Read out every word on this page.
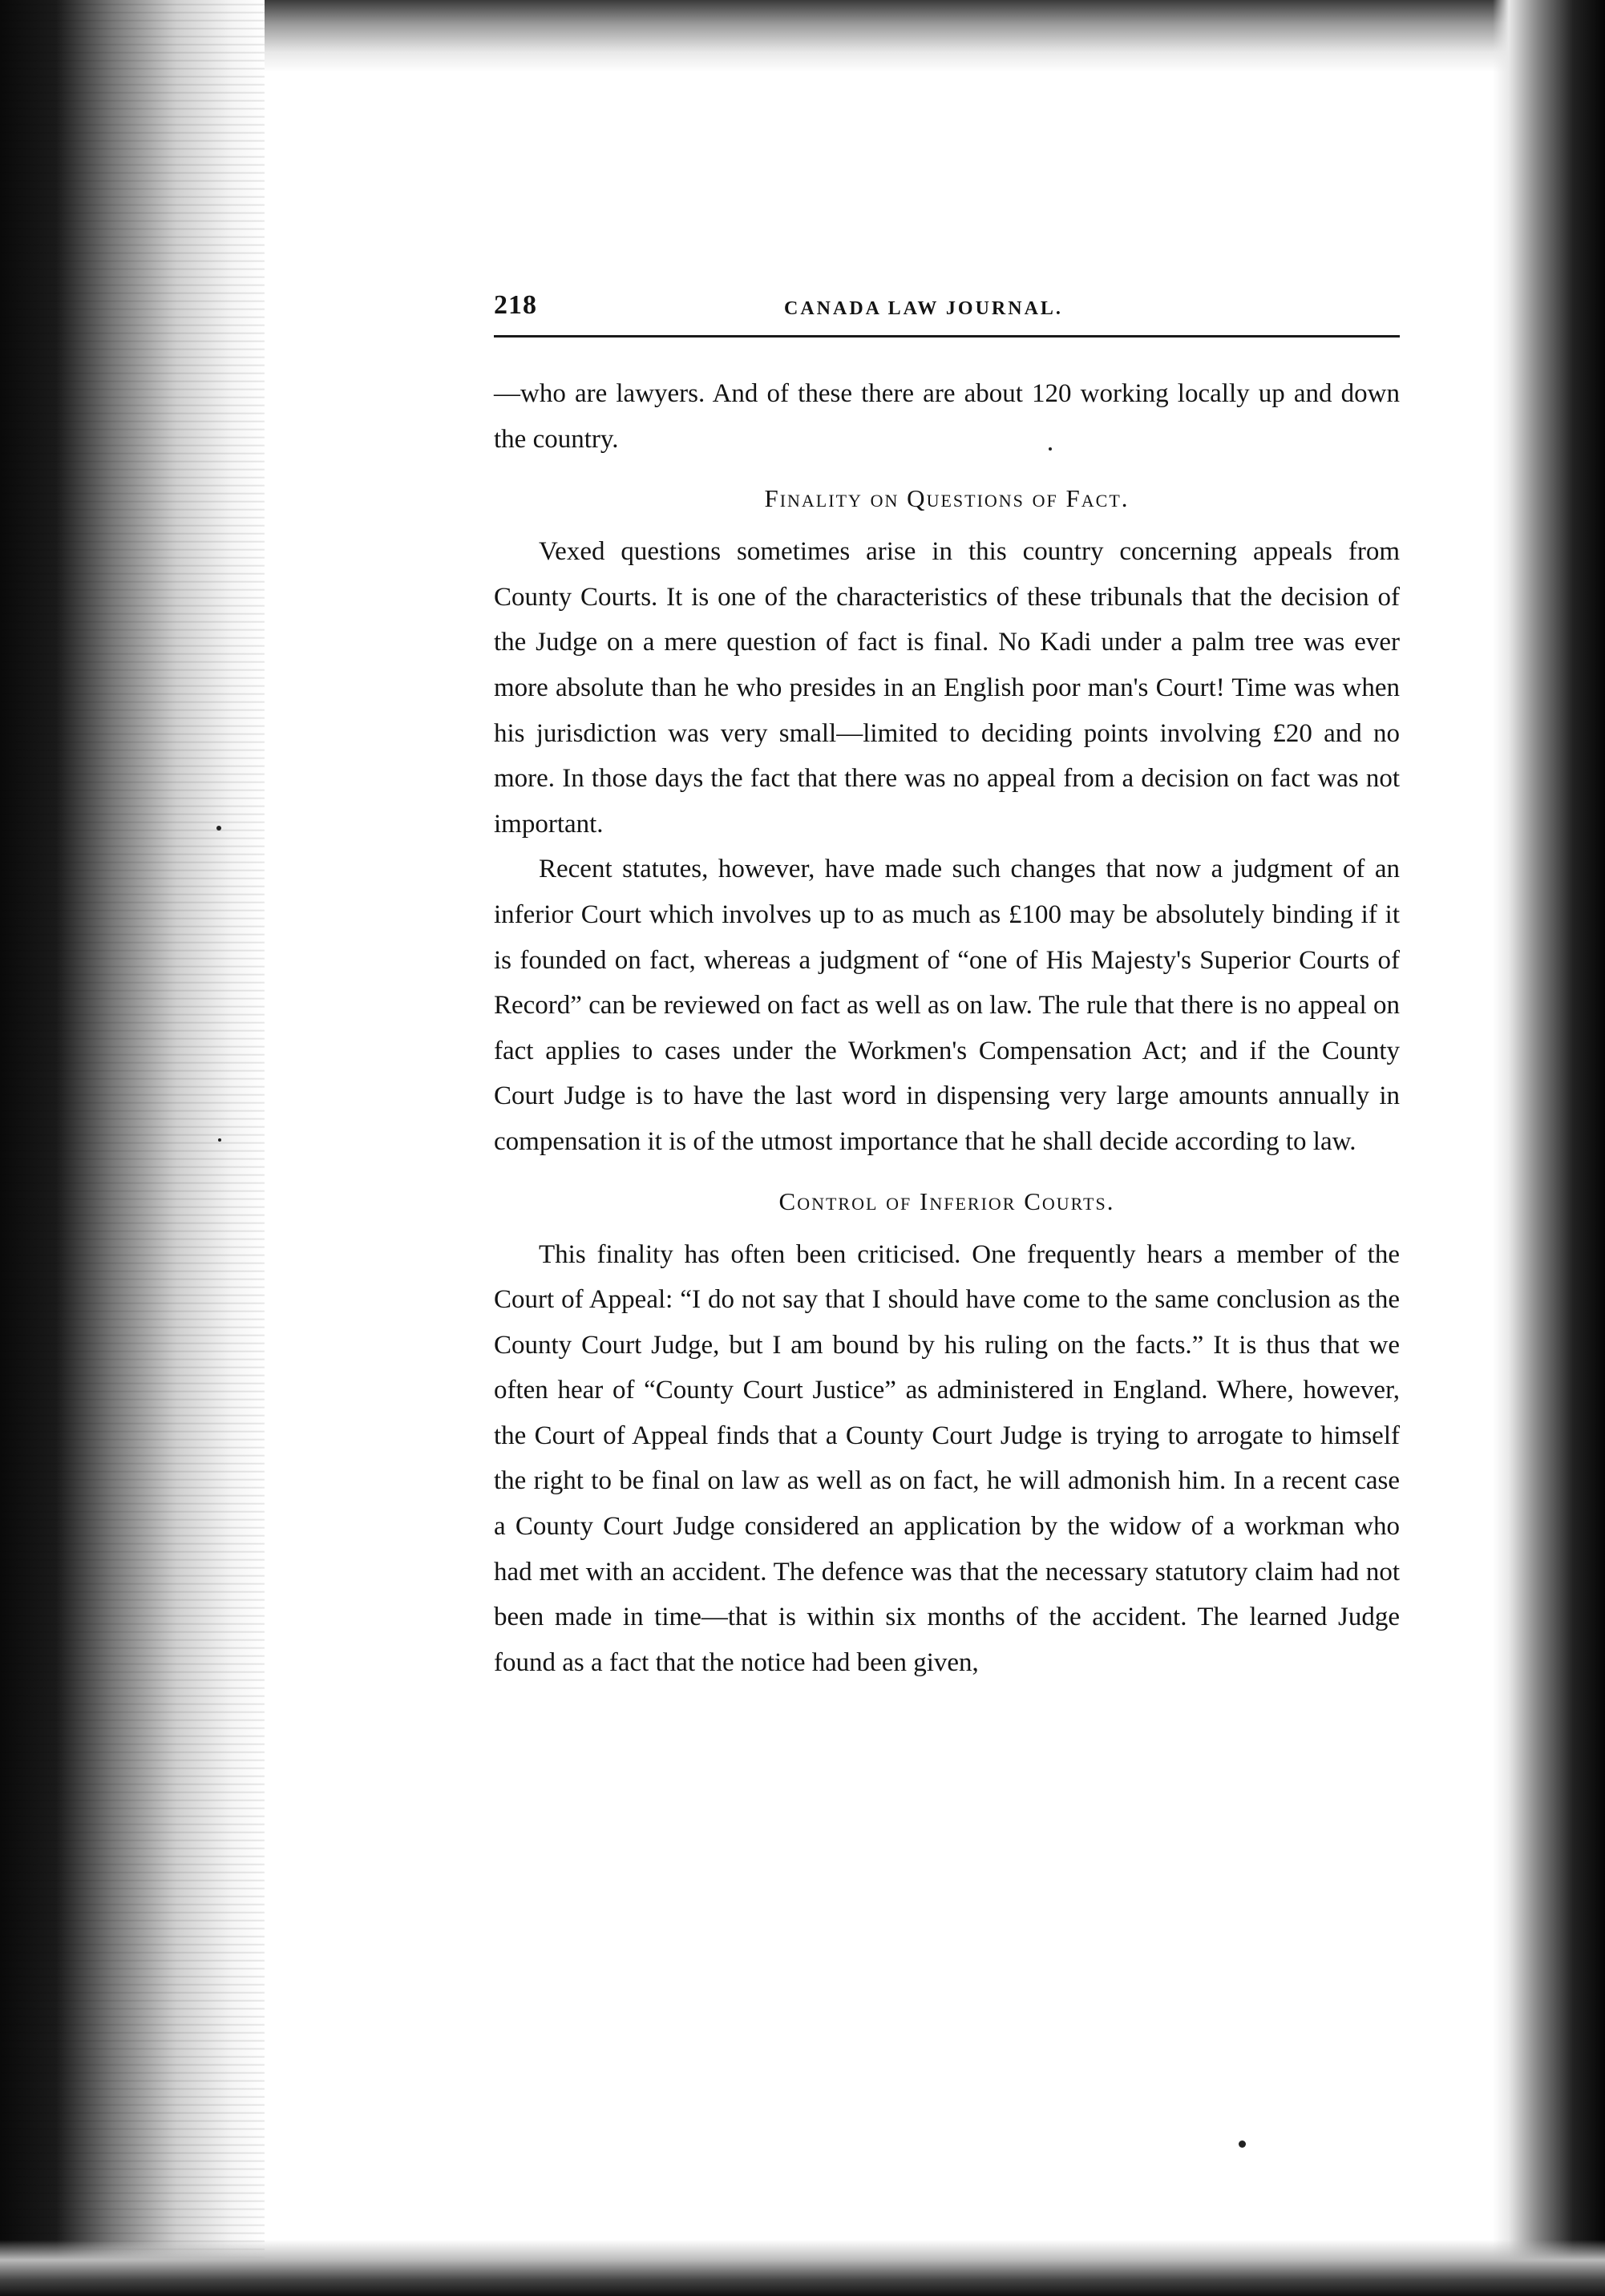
218	CANADA LAW JOURNAL.

—who are lawyers. And of these there are about 120 working locally up and down the country.

Finality on Questions of Fact.

Vexed questions sometimes arise in this country concerning appeals from County Courts. It is one of the characteristics of these tribunals that the decision of the Judge on a mere question of fact is final. No Kadi under a palm tree was ever more absolute than he who presides in an English poor man's Court! Time was when his jurisdiction was very small—limited to deciding points involving £20 and no more. In those days the fact that there was no appeal from a decision on fact was not important.

Recent statutes, however, have made such changes that now a judgment of an inferior Court which involves up to as much as £100 may be absolutely binding if it is founded on fact, whereas a judgment of “one of His Majesty's Superior Courts of Record” can be reviewed on fact as well as on law. The rule that there is no appeal on fact applies to cases under the Workmen's Compensation Act; and if the County Court Judge is to have the last word in dispensing very large amounts annually in compensation it is of the utmost importance that he shall decide according to law.

Control of Inferior Courts.

This finality has often been criticised. One frequently hears a member of the Court of Appeal: “I do not say that I should have come to the same conclusion as the County Court Judge, but I am bound by his ruling on the facts.” It is thus that we often hear of “County Court Justice” as administered in England. Where, however, the Court of Appeal finds that a County Court Judge is trying to arrogate to himself the right to be final on law as well as on fact, he will admonish him. In a recent case a County Court Judge considered an application by the widow of a workman who had met with an accident. The defence was that the necessary statutory claim had not been made in time—that is within six months of the accident. The learned Judge found as a fact that the notice had been given,
